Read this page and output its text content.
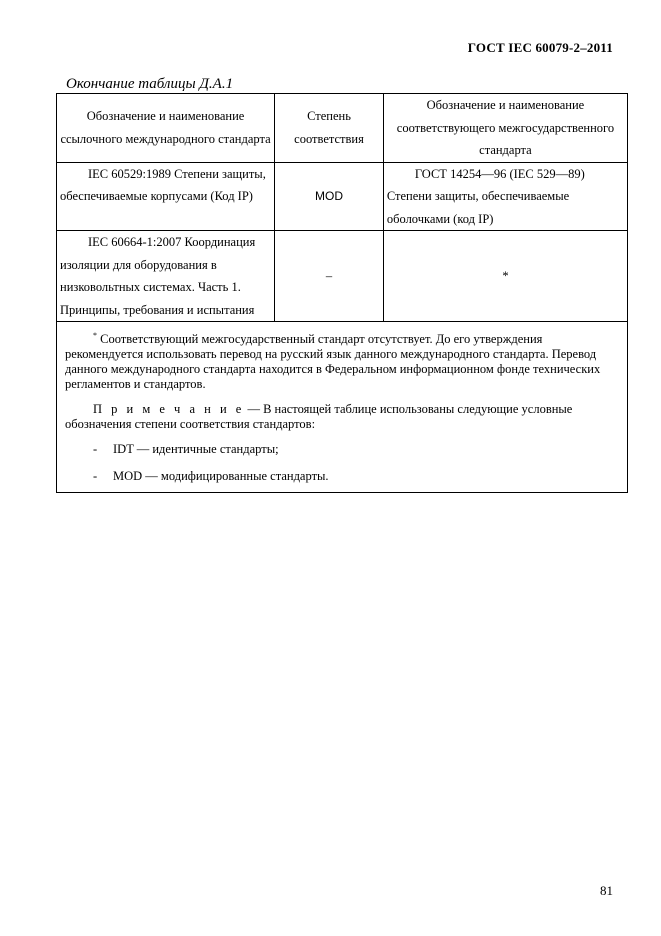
ГОСТ IEC 60079-2–2011
Окончание таблицы Д.А.1
Обозначение и наименование ссылочного международного стандарта	Степень соответствия	Обозначение и наименование соответствующего межгосударственного стандарта
IEC 60529:1989 Степени защиты, обеспечиваемые корпусами (Код IP)	MOD	ГОСТ 14254—96 (IEC 529—89) Степени защиты, обеспечиваемые оболочками (код IP)
IEC 60664-1:2007 Координация изоляции для оборудования в низковольтных системах. Часть 1. Принципы, требования и испытания	–	*

* Соответствующий межгосударственный стандарт отсутствует. До его утверждения рекомендуется использовать перевод на русский язык данного международного стандарта. Перевод данного международного стандарта находится в Федеральном информационном фонде технических регламентов и стандартов.

П р и м е ч а н и е — В настоящей таблице использованы следующие условные обозначения степени соответствия стандартов:

- IDT — идентичные стандарты;
- MOD — модифицированные стандарты.		
81
